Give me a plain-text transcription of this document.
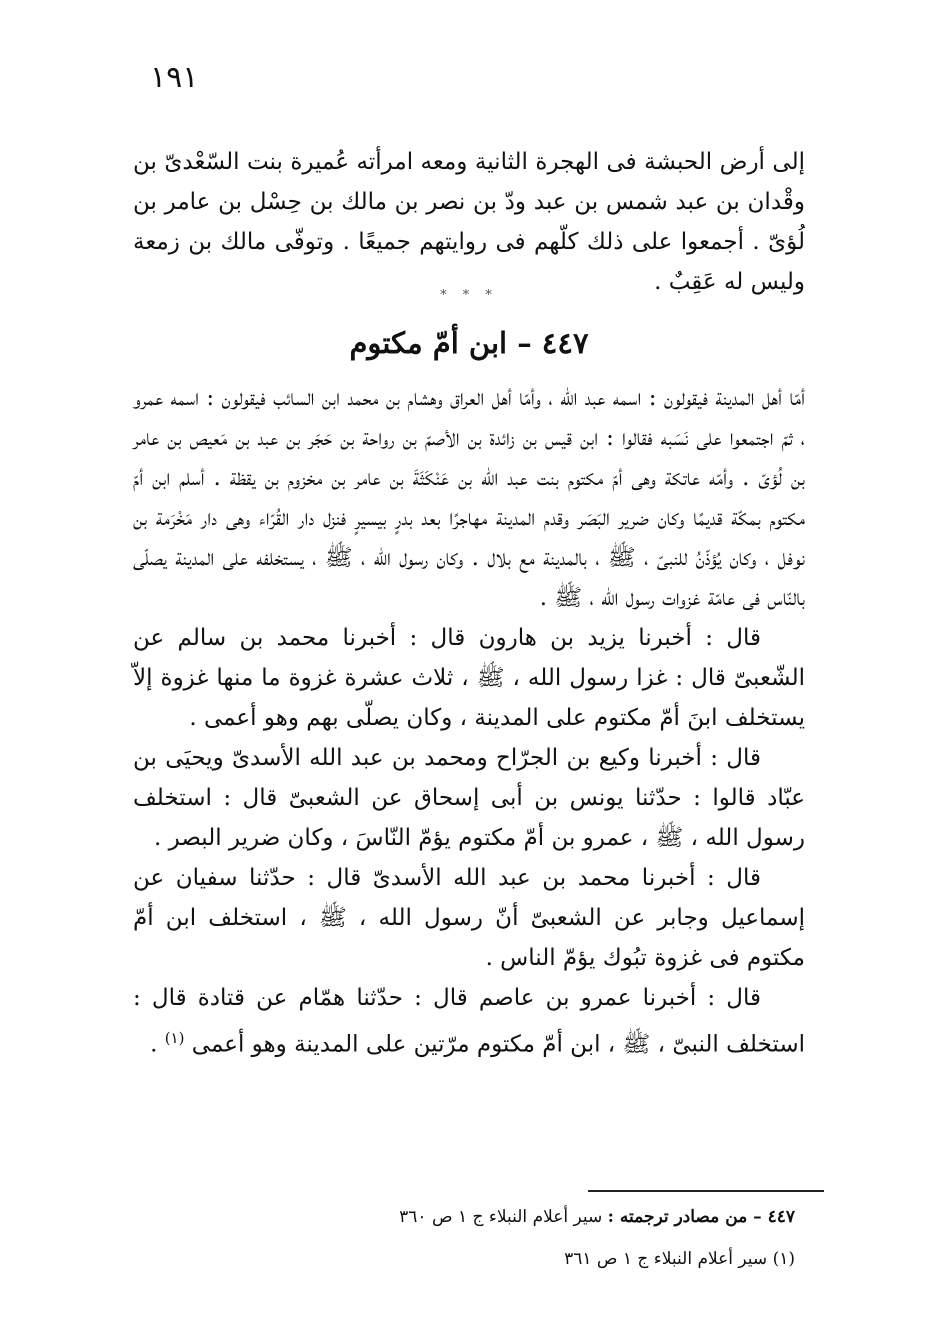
١٩١

إلى أرض الحبشة فى الهجرة الثانية ومعه امرأته عُميرة بنت السّعْدىّ بن وقْدان بن عبد شمس بن عبد ودّ بن نصر بن مالك بن حِسْل بن عامر بن لُؤىّ . أجمعوا على ذلك كلّهم فى روايتهم جميعًا . وتوفّى مالك بن زمعة وليس له عَقِبٌ .

* * *
٤٤٧ – ابن أمّ مكتوم

أمّا أهل المدينة فيقولون : اسمه عبد الله ، وأمّا أهل العراق وهشام بن محمد ابن السائب فيقولون : اسمه عمرو ، ثمّ اجتمعوا على نَسَبه فقالوا : ابن قيس بن زائدة بن الأصمّ بن رواحة بن حَجَر بن عبد بن مَعيص بن عامر بن لُؤىّ . وأمّه عاتكة وهى أمّ مكتوم بنت عبد الله بن عَنْكَثَةَ بن عامر بن مخزوم بن يقظة . أسلم ابن أمّ مكتوم بمكّة قديمًا وكان ضرير البَصَر وقدم المدينة مهاجرًا بعد بدرٍ بيسيرٍ فنزل دار القُرّاء وهى دار مَخْرَمة بن نوفل ، وكان يُؤذّنُ للنبىّ ، ﷺ ، بالمدينة مع بلال . وكان رسول الله ، ﷺ ، يستخلفه على المدينة يصلّى بالنّاس فى عامّة غزوات رسول الله ، ﷺ .

قال : أخبرنا يزيد بن هارون قال : أخبرنا محمد بن سالم عن الشّعبىّ قال : غزا رسول الله ، ﷺ ، ثلاث عشرة غزوة ما منها غزوة إلاّ يستخلف ابنَ أمّ مكتوم على المدينة ، وكان يصلّى بهم وهو أعمى .

قال : أخبرنا وكيع بن الجرّاح ومحمد بن عبد الله الأسدىّ ويحيَى بن عبّاد قالوا : حدّثنا يونس بن أبى إسحاق عن الشعبىّ قال : استخلف رسول الله ، ﷺ ، عمرو بن أمّ مكتوم يؤمّ النّاسَ ، وكان ضرير البصر .

قال : أخبرنا محمد بن عبد الله الأسدىّ قال : حدّثنا سفيان عن إسماعيل وجابر عن الشعبىّ أنّ رسول الله ، ﷺ ، استخلف ابن أمّ مكتوم فى غزوة تبُوك يؤمّ الناس .

قال : أخبرنا عمرو بن عاصم قال : حدّثنا همّام عن قتادة قال : استخلف النبىّ ، ﷺ ، ابن أمّ مكتوم مرّتين على المدينة وهو أعمى $^{(١)}$ .

٤٤٧ – من مصادر ترجمته : سير أعلام النبلاء ج ١ ص ٣٦٠

(١) سير أعلام النبلاء ج ١ ص ٣٦١
